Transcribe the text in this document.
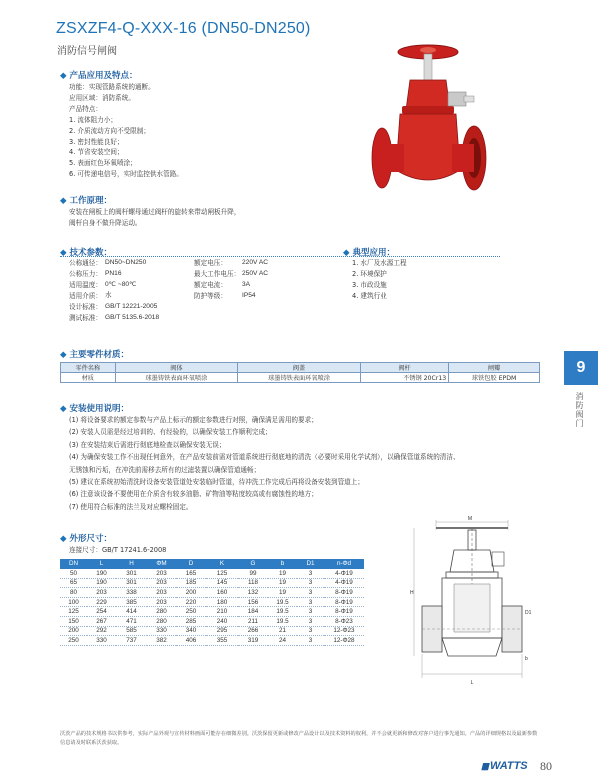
ZSXZF4-Q-XXX-16 (DN50-DN250)
消防信号闸阀
◆ 产品应用及特点：
功能：实现管路系统的通断。
应用区域：消防系统。
产品特点：
1. 流体阻力小；
2. 介质流动方向不受限制；
3. 密封性能良好；
4. 节省安装空间；
5. 表面红色环氧喷涂；
6. 可传递电信号，实时监控供水管路。
◆ 工作原理：
安装在闸板上的阀杆螺母通过阀杆的旋转来带动闸板升降，
阀杆自身不做升降运动。
◆ 技术参数：
公称通径： DN50~DN250
公称压力： PN16
适用温度： 0℃ ~80℃
适用介质： 水
设计标准： GB/T 12221-2005
测试标准： GB/T 5135.6-2018
额定电压：	220V AC
最大工作电压： 250V AC
额定电流：	3A
防护等级：	IP54
◆ 典型应用：
1. 水厂及水源工程
2. 环境保护
3. 市政设施
4. 建筑行业
◆ 主要零件材质：
零件名称	阀体	阀盖	阀杆	闸瓣
材质	球墨铸铁表面环氧喷涂	球墨铸铁表面环氧喷涂	不锈钢 20Cr13	球铁包胶 EPDM
9
消防阀门
◆ 安装使用说明：
(1) 将设备要求的额定参数与产品上标示的额定参数进行对照，确保满足需用的要求；
(2) 安装人员需是经过培训的、有经验的，以确保安装工作顺利完成；
(3) 在安装结束后需进行彻底地检查以确保安装无误；
(4) 为确保安装工作不出现任何意外，在产品安装前需对管道系统进行彻底地的清洗（必要时采用化学试剂），以确保管道系统的清洁、
无锈蚀和污垢，在冲洗前需移去所有的过滤装置以确保管道通畅；
(5) 建议在系统初始清洗时设备安装管道处安装临时管道，待冲洗工作完成后再将设备安装到管道上；
(6) 注意该设备不要使用在介质含有较多油脂、矿物油等粘度较高或有腐蚀性的地方；
(7) 使用符合标准的法兰及对应螺栓固定。
◆ 外形尺寸：
连接尺寸：GB/T 17241.6-2008
DN	L	H	ΦM	D	K	G	b	D1	n-Φd
50	190	301	203	165	125	99	19	3	4-Φ19
65	190	301	203	185	145	118	19	3	4-Φ19
80	203	338	203	200	160	132	19	3	8-Φ19
100	229	385	203	220	180	156	19.5	3	8-Φ19
125	254	414	280	250	210	184	19.5	3	8-Φ19
150	267	471	280	285	240	211	19.5	3	8-Φ23
200	292	585	330	340	295	266	21	3	12-Φ23
250	330	737	382	406	355	319	24	3	12-Φ28
M
H
L
D1
b
沃茨产品的技术规格书以供参考，实际产品外观与宣传材料画面可能存在细微差别。沃茨保留更新或修改产品设计以及技术资料的权利，并不会就更新和修改对客户进行事先通知。产品的详细规格以及最新参数信息请及时联系沃茨获取。
▮▮ WATTS 80
